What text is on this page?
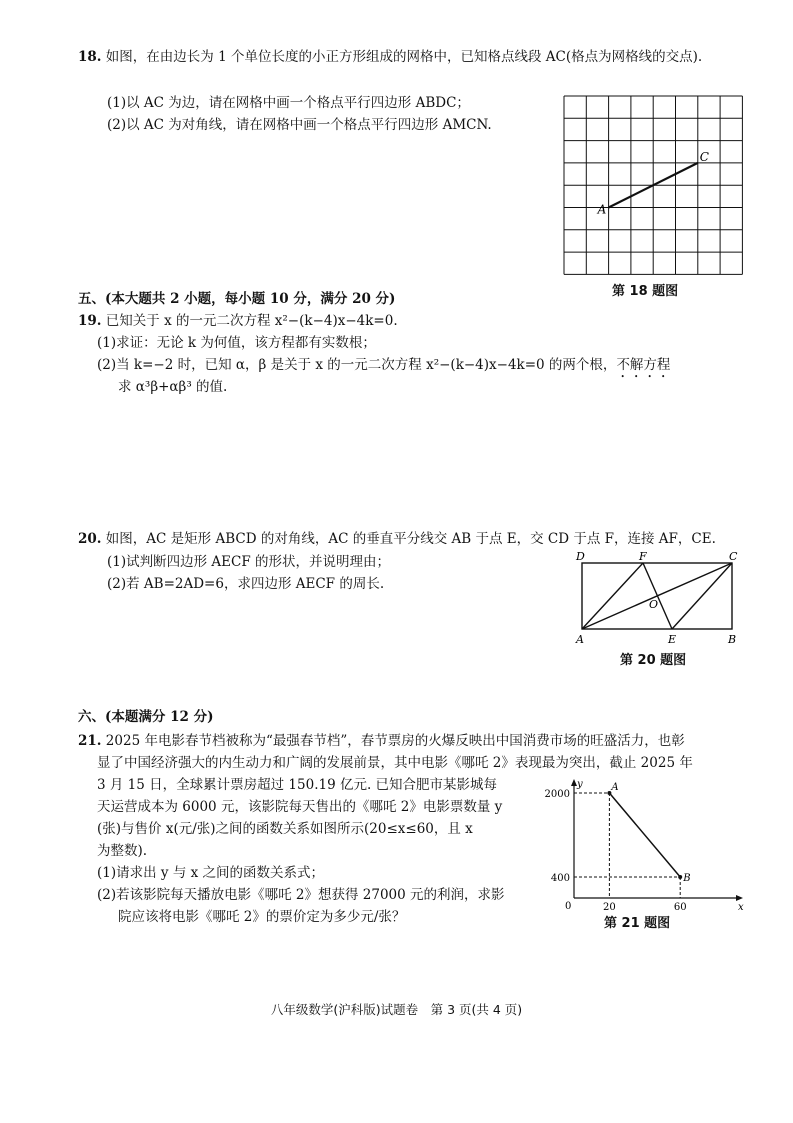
18. 如图，在由边长为 1 个单位长度的小正方形组成的网格中，已知格点线段 AC(格点为网格线的交点).
(1)以 AC 为边，请在网格中画一个格点平行四边形 ABDC；
(2)以 AC 为对角线，请在网格中画一个格点平行四边形 AMCN.
A
C
第 18 题图
五、(本大题共 2 小题，每小题 10 分，满分 20 分)
19. 已知关于 x 的一元二次方程 x²−(k−4)x−4k=0.
(1)求证：无论 k 为何值，该方程都有实数根；
(2)当 k=−2 时，已知 α，β 是关于 x 的一元二次方程 x²−(k−4)x−4k=0 的两个根，不解方程
求 α³β+αβ³ 的值.
20. 如图，AC 是矩形 ABCD 的对角线，AC 的垂直平分线交 AB 于点 E，交 CD 于点 F，连接 AF，CE.
(1)试判断四边形 AECF 的形状，并说明理由；
(2)若 AB=2AD=6，求四边形 AECF 的周长.
D	F	C
O
A	E	B
第 20 题图
六、(本题满分 12 分)
21. 2025 年电影春节档被称为“最强春节档”，春节票房的火爆反映出中国消费市场的旺盛活力，也彰
显了中国经济强大的内生动力和广阔的发展前景，其中电影《哪吒 2》表现最为突出，截止 2025 年
3 月 15 日，全球累计票房超过 150.19 亿元. 已知合肥市某影城每
天运营成本为 6000 元，该影院每天售出的《哪吒 2》电影票数量 y
(张)与售价 x(元/张)之间的函数关系如图所示(20≤x≤60，且 x
为整数).
(1)请求出 y 与 x 之间的函数关系式；
(2)若该影院每天播放电影《哪吒 2》想获得 27000 元的利润，求影
院应该将电影《哪吒 2》的票价定为多少元/张？
x
y
0
2000
20
400
60
A
B
第 21 题图
八年级数学(沪科版)试题卷　第 3 页(共 4 页)
